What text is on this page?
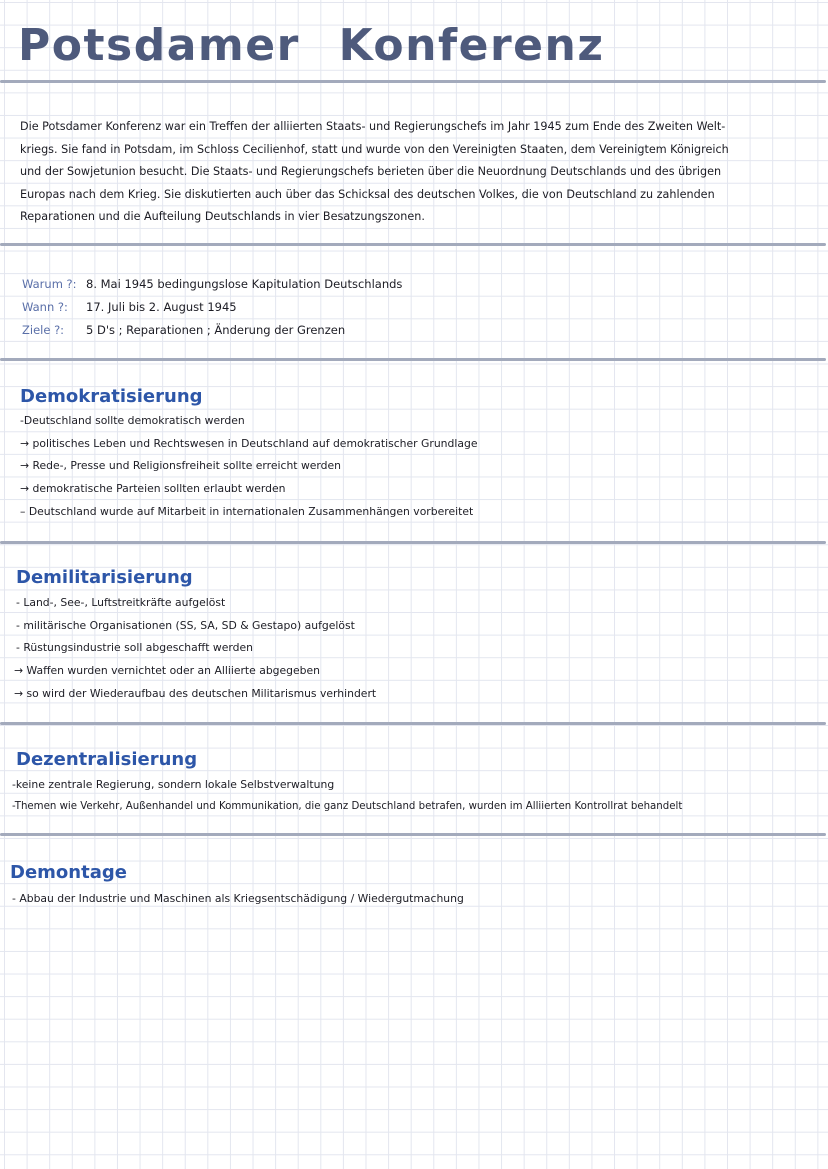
Potsdamer Konferenz
Die Potsdamer Konferenz war ein Treffen der alliierten Staats- und Regierungschefs im Jahr 1945 zum Ende des Zweiten Welt-
kriegs. Sie fand in Potsdam, im Schloss Cecilienhof, statt und wurde von den Vereinigten Staaten, dem Vereinigtem Königreich
und der Sowjetunion besucht. Die Staats- und Regierungschefs berieten über die Neuordnung Deutschlands und des übrigen
Europas nach dem Krieg. Sie diskutierten auch über das Schicksal des deutschen Volkes, die von Deutschland zu zahlenden
Reparationen und die Aufteilung Deutschlands in vier Besatzungszonen.
Warum ?: 8. Mai 1945 bedingungslose Kapitulation Deutschlands
Wann ?: 17. Juli bis 2. August 1945
Ziele ?: 5 D's ; Reparationen ; Änderung der Grenzen
Demokratisierung
-Deutschland sollte demokratisch werden
→ politisches Leben und Rechtswesen in Deutschland auf demokratischer Grundlage
→ Rede-, Presse und Religionsfreiheit sollte erreicht werden
→ demokratische Parteien sollten erlaubt werden
– Deutschland wurde auf Mitarbeit in internationalen Zusammenhängen vorbereitet
Demilitarisierung
- Land-, See-, Luftstreitkräfte aufgelöst
- militärische Organisationen (SS, SA, SD & Gestapo) aufgelöst
- Rüstungsindustrie soll abgeschafft werden
→ Waffen wurden vernichtet oder an Alliierte abgegeben
→ so wird der Wiederaufbau des deutschen Militarismus verhindert
Dezentralisierung
-keine zentrale Regierung, sondern lokale Selbstverwaltung
-Themen wie Verkehr, Außenhandel und Kommunikation, die ganz Deutschland betrafen, wurden im Alliierten Kontrollrat behandelt
Demontage
- Abbau der Industrie und Maschinen als Kriegsentschädigung / Wiedergutmachung
